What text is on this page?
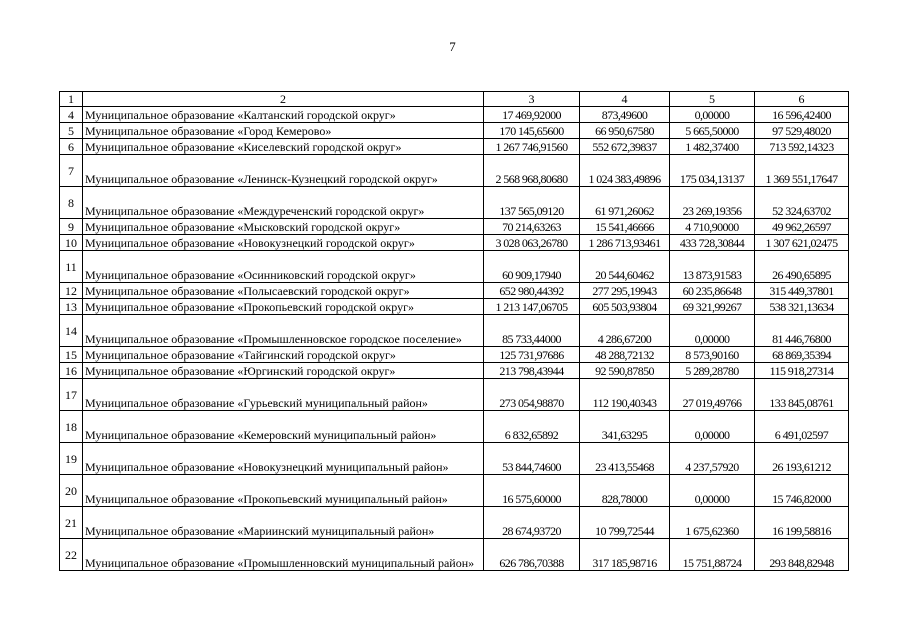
7
1	2	3	4	5	6
4	Муниципальное образование «Калтанский городской округ»	17 469,92000	873,49600	0,00000	16 596,42400
5	Муниципальное образование «Город Кемерово»	170 145,65600	66 950,67580	5 665,50000	97 529,48020
6	Муниципальное образование «Киселевский городской округ»	1 267 746,91560	552 672,39837	1 482,37400	713 592,14323
7	Муниципальное образование «Ленинск-Кузнецкий городской округ»	2 568 968,80680	1 024 383,49896	175 034,13137	1 369 551,17647
8	Муниципальное образование «Междуреченский городской округ»	137 565,09120	61 971,26062	23 269,19356	52 324,63702
9	Муниципальное образование «Мысковский городской округ»	70 214,63263	15 541,46666	4 710,90000	49 962,26597
10	Муниципальное образование «Новокузнецкий городской округ»	3 028 063,26780	1 286 713,93461	433 728,30844	1 307 621,02475
11	Муниципальное образование «Осинниковский городской округ»	60 909,17940	20 544,60462	13 873,91583	26 490,65895
12	Муниципальное образование «Полысаевский городской округ»	652 980,44392	277 295,19943	60 235,86648	315 449,37801
13	Муниципальное образование «Прокопьевский городской округ»	1 213 147,06705	605 503,93804	69 321,99267	538 321,13634
14	Муниципальное образование «Промышленновское городское поселение»	85 733,44000	4 286,67200	0,00000	81 446,76800
15	Муниципальное образование «Тайгинский городской округ»	125 731,97686	48 288,72132	8 573,90160	68 869,35394
16	Муниципальное образование «Юргинский городской округ»	213 798,43944	92 590,87850	5 289,28780	115 918,27314
17	Муниципальное образование «Гурьевский муниципальный район»	273 054,98870	112 190,40343	27 019,49766	133 845,08761
18	Муниципальное образование «Кемеровский муниципальный район»	6 832,65892	341,63295	0,00000	6 491,02597
19	Муниципальное образование «Новокузнецкий муниципальный район»	53 844,74600	23 413,55468	4 237,57920	26 193,61212
20	Муниципальное образование «Прокопьевский муниципальный район»	16 575,60000	828,78000	0,00000	15 746,82000
21	Муниципальное образование «Мариинский муниципальный район»	28 674,93720	10 799,72544	1 675,62360	16 199,58816
22	Муниципальное образование «Промышленновский муниципальный район»	626 786,70388	317 185,98716	15 751,88724	293 848,82948
